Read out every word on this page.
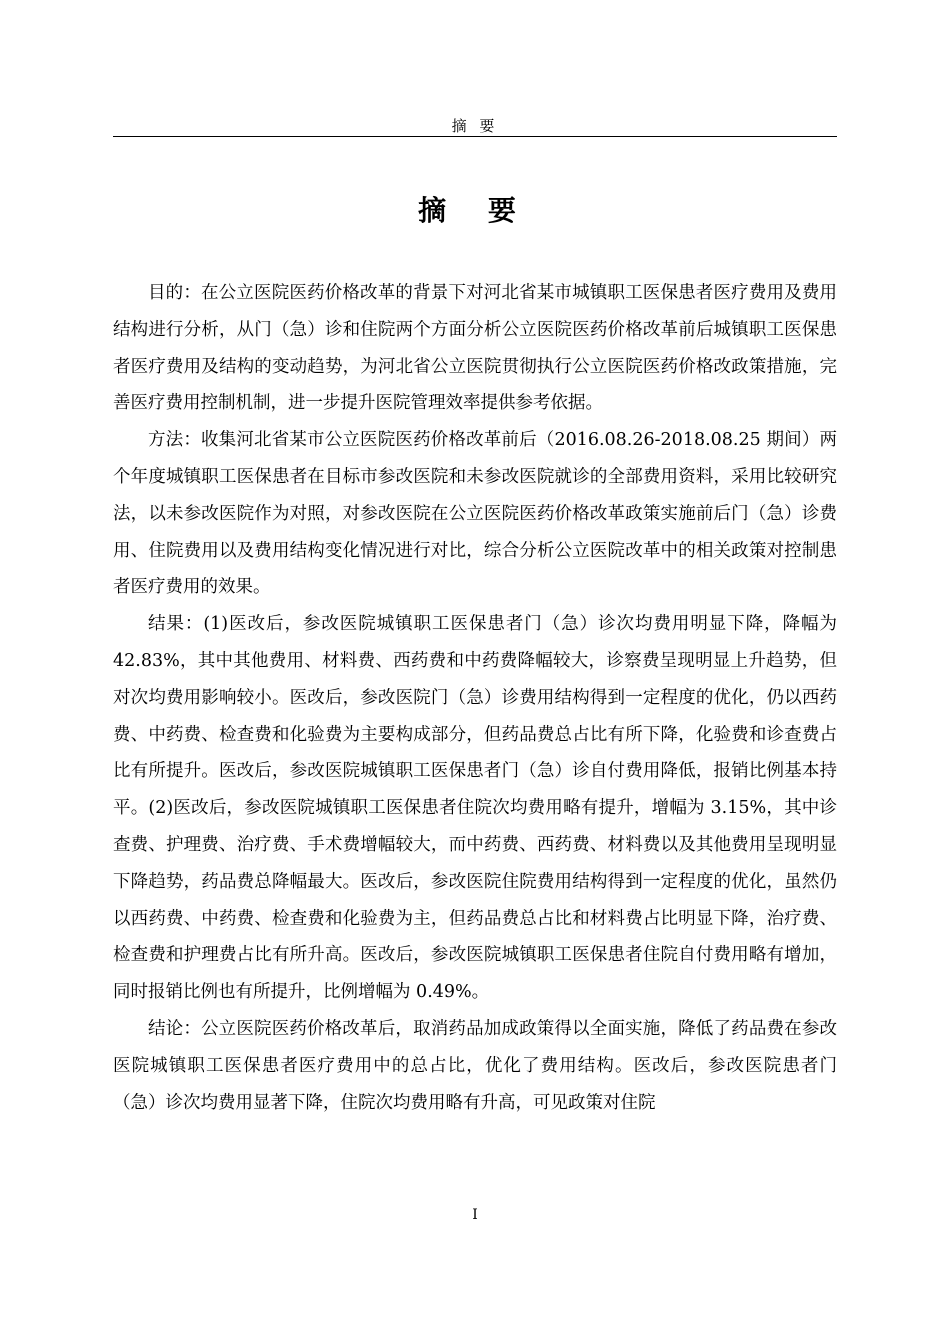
摘 要
摘 要

目的：在公立医院医药价格改革的背景下对河北省某市城镇职工医保患者医疗费用及费用结构进行分析，从门（急）诊和住院两个方面分析公立医院医药价格改革前后城镇职工医保患者医疗费用及结构的变动趋势，为河北省公立医院贯彻执行公立医院医药价格改政策措施，完善医疗费用控制机制，进一步提升医院管理效率提供参考依据。

方法：收集河北省某市公立医院医药价格改革前后（2016.08.26-2018.08.25 期间）两个年度城镇职工医保患者在目标市参改医院和未参改医院就诊的全部费用资料，采用比较研究法，以未参改医院作为对照，对参改医院在公立医院医药价格改革政策实施前后门（急）诊费用、住院费用以及费用结构变化情况进行对比，综合分析公立医院改革中的相关政策对控制患者医疗费用的效果。

结果：(1)医改后，参改医院城镇职工医保患者门（急）诊次均费用明显下降，降幅为 42.83%，其中其他费用、材料费、西药费和中药费降幅较大，诊察费呈现明显上升趋势，但对次均费用影响较小。医改后，参改医院门（急）诊费用结构得到一定程度的优化，仍以西药费、中药费、检查费和化验费为主要构成部分，但药品费总占比有所下降，化验费和诊查费占比有所提升。医改后，参改医院城镇职工医保患者门（急）诊自付费用降低，报销比例基本持平。(2)医改后，参改医院城镇职工医保患者住院次均费用略有提升，增幅为 3.15%，其中诊查费、护理费、治疗费、手术费增幅较大，而中药费、西药费、材料费以及其他费用呈现明显下降趋势，药品费总降幅最大。医改后，参改医院住院费用结构得到一定程度的优化，虽然仍以西药费、中药费、检查费和化验费为主，但药品费总占比和材料费占比明显下降，治疗费、检查费和护理费占比有所升高。医改后，参改医院城镇职工医保患者住院自付费用略有增加，同时报销比例也有所提升，比例增幅为 0.49%。

结论：公立医院医药价格改革后，取消药品加成政策得以全面实施，降低了药品费在参改医院城镇职工医保患者医疗费用中的总占比，优化了费用结构。医改后，参改医院患者门（急）诊次均费用显著下降，住院次均费用略有升高，可见政策对住院

I
